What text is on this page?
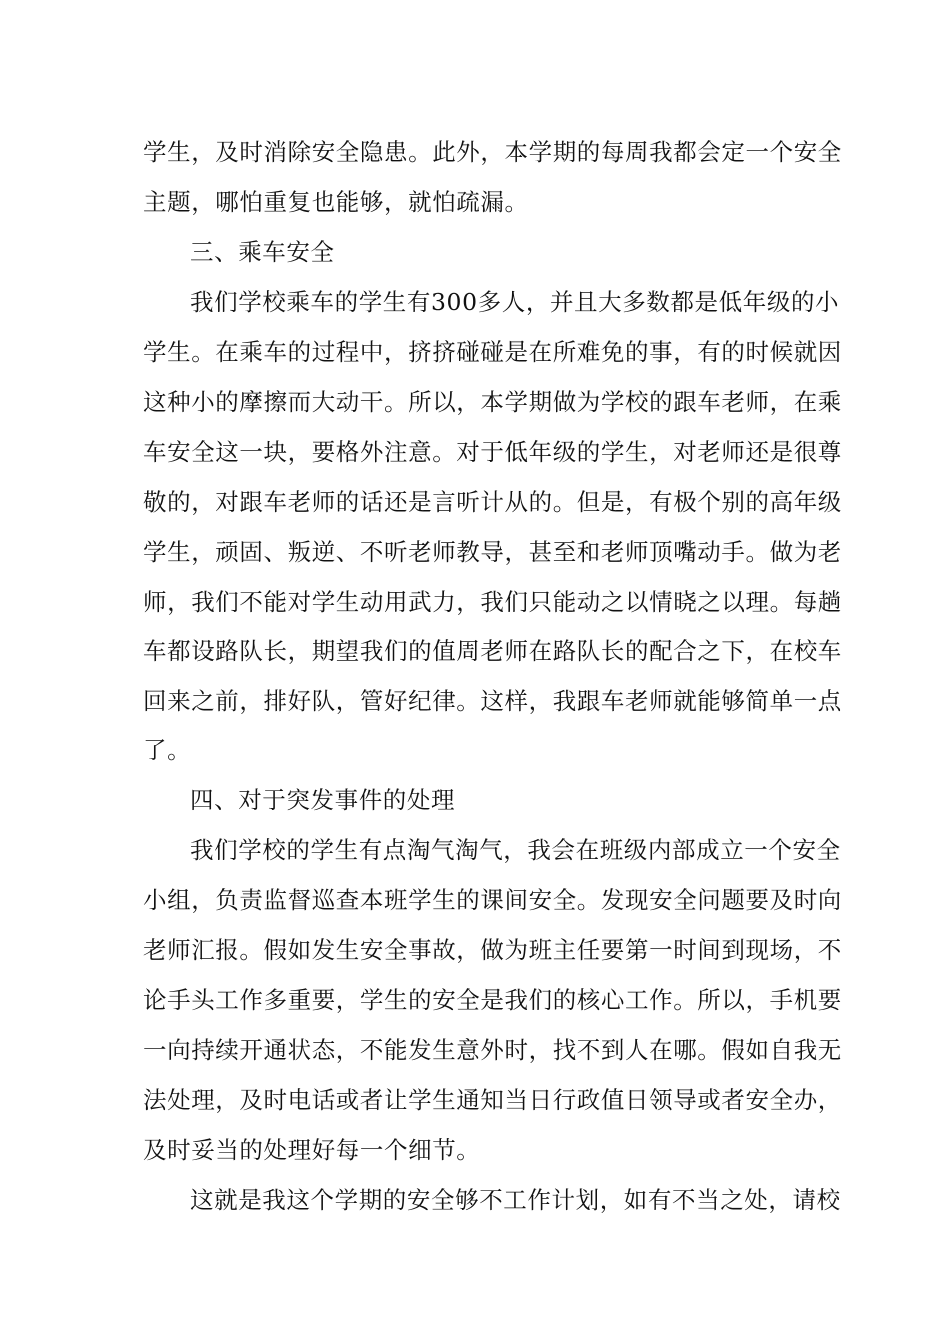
学生，及时消除安全隐患。此外，本学期的每周我都会定一个安全
主题，哪怕重复也能够，就怕疏漏。
三、乘车安全
我们学校乘车的学生有300多人，并且大多数都是低年级的小
学生。在乘车的过程中，挤挤碰碰是在所难免的事，有的时候就因
这种小的摩擦而大动干。所以，本学期做为学校的跟车老师，在乘
车安全这一块，要格外注意。对于低年级的学生，对老师还是很尊
敬的，对跟车老师的话还是言听计从的。但是，有极个别的高年级
学生，顽固、叛逆、不听老师教导，甚至和老师顶嘴动手。做为老
师，我们不能对学生动用武力，我们只能动之以情晓之以理。每趟
车都设路队长，期望我们的值周老师在路队长的配合之下，在校车
回来之前，排好队，管好纪律。这样，我跟车老师就能够简单一点
了。
四、对于突发事件的处理
我们学校的学生有点淘气淘气，我会在班级内部成立一个安全
小组，负责监督巡查本班学生的课间安全。发现安全问题要及时向
老师汇报。假如发生安全事故，做为班主任要第一时间到现场，不
论手头工作多重要，学生的安全是我们的核心工作。所以，手机要
一向持续开通状态，不能发生意外时，找不到人在哪。假如自我无
法处理，及时电话或者让学生通知当日行政值日领导或者安全办，
及时妥当的处理好每一个细节。
这就是我这个学期的安全够不工作计划，如有不当之处，请校
